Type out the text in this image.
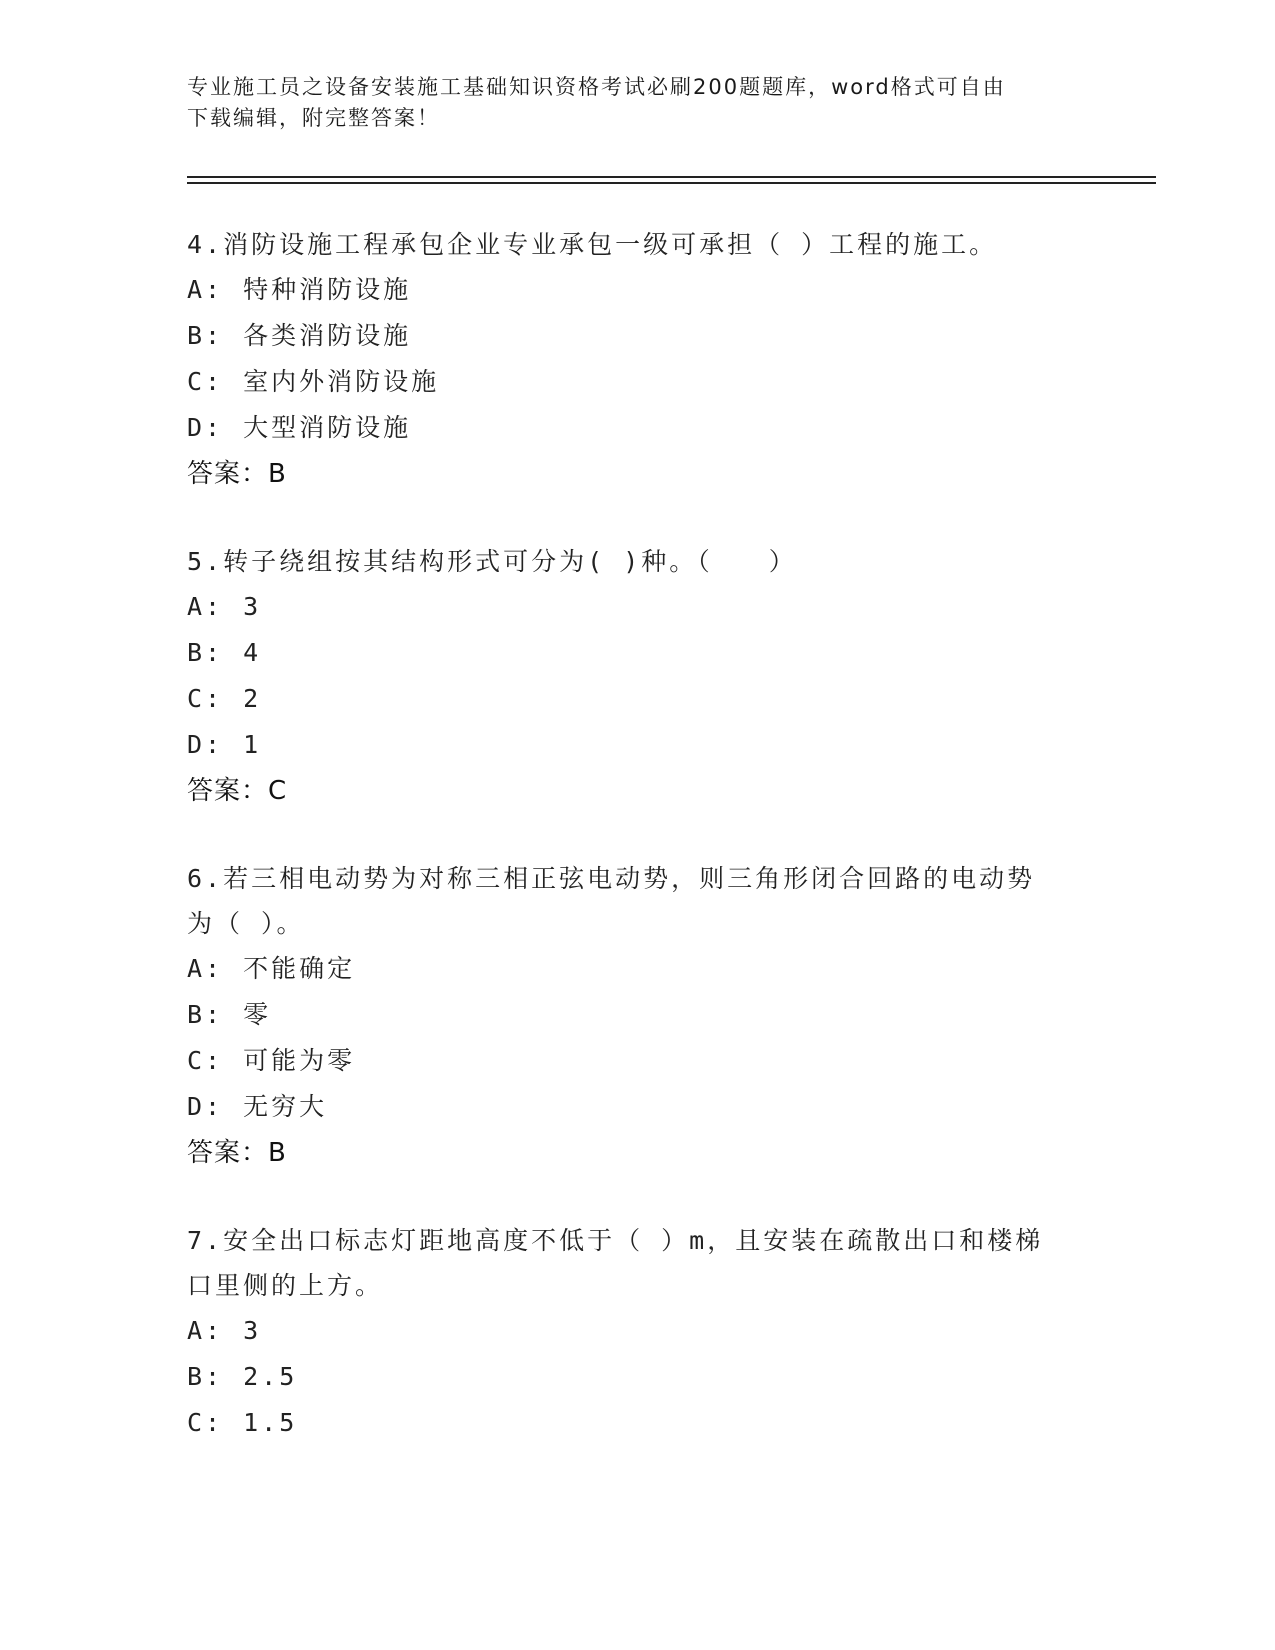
专业施工员之设备安装施工基础知识资格考试必刷200题题库，word格式可自由
下载编辑，附完整答案！
4.消防设施工程承包企业专业承包一级可承担（ ）工程的施工。
A: 特种消防设施
B: 各类消防设施
C: 室内外消防设施
D: 大型消防设施
答案：B
5.转子绕组按其结构形式可分为( )种。（　　）
A: 3
B: 4
C: 2
D: 1
答案：C
6.若三相电动势为对称三相正弦电动势，则三角形闭合回路的电动势
为（ ）。
A: 不能确定
B: 零
C: 可能为零
D: 无穷大
答案：B
7.安全出口标志灯距地高度不低于（ ）m，且安装在疏散出口和楼梯
口里侧的上方。
A: 3
B: 2.5
C: 1.5
